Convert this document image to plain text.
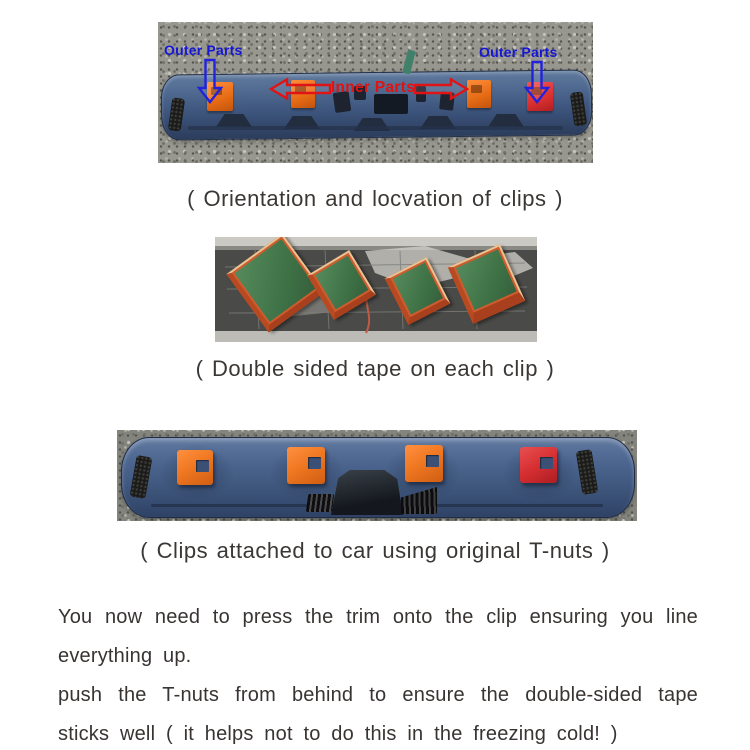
Outer Parts	Outer Parts
Inner Parts
( Orientation and locvation of clips )
( Double sided tape on each clip )
( Clips attached to car using original T-nuts )
You now need to press the trim onto the clip ensuring you line
everything up.
push the T-nuts from behind to ensure the double-sided tape
sticks well ( it helps not to do this in the freezing cold! )
